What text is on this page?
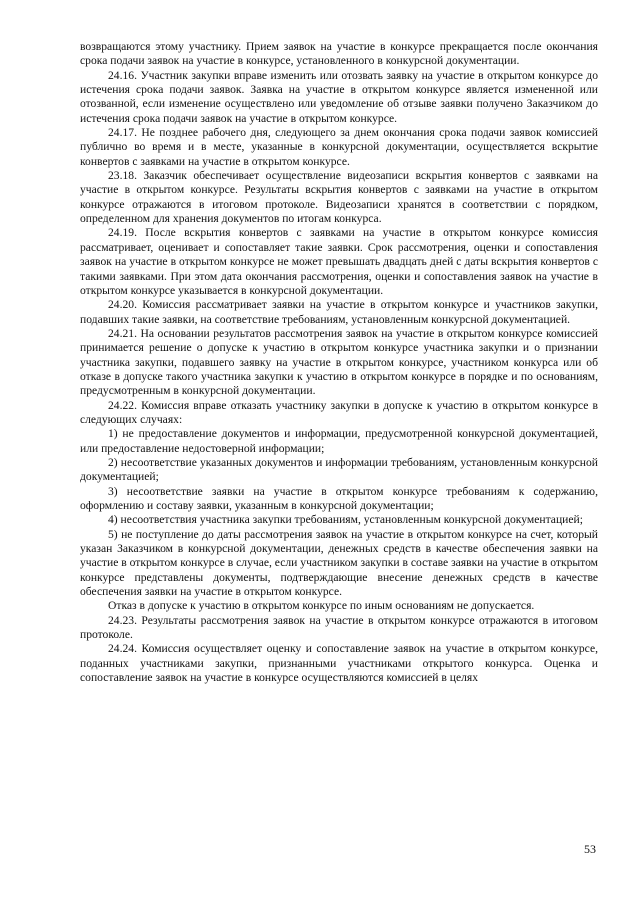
возвращаются этому участнику. Прием заявок на участие в конкурсе прекращается после окончания срока подачи заявок на участие в конкурсе, установленного в конкурсной документации.

24.16. Участник закупки вправе изменить или отозвать заявку на участие в открытом конкурсе до истечения срока подачи заявок. Заявка на участие в открытом конкурсе является измененной или отозванной, если изменение осуществлено или уведомление об отзыве заявки получено Заказчиком до истечения срока подачи заявок на участие в открытом конкурсе.

24.17. Не позднее рабочего дня, следующего за днем окончания срока подачи заявок комиссией публично во время и в месте, указанные в конкурсной документации, осуществляется вскрытие конвертов с заявками на участие в открытом конкурсе.

23.18. Заказчик обеспечивает осуществление видеозаписи вскрытия конвертов с заявками на участие в открытом конкурсе. Результаты вскрытия конвертов с заявками на участие в открытом конкурсе отражаются в итоговом протоколе. Видеозаписи хранятся в соответствии с порядком, определенном для хранения документов по итогам конкурса.

24.19. После вскрытия конвертов с заявками на участие в открытом конкурсе комиссия рассматривает, оценивает и сопоставляет такие заявки. Срок рассмотрения, оценки и сопоставления заявок на участие в открытом конкурсе не может превышать двадцать дней с даты вскрытия конвертов с такими заявками. При этом дата окончания рассмотрения, оценки и сопоставления заявок на участие в открытом конкурсе указывается в конкурсной документации.

24.20. Комиссия рассматривает заявки на участие в открытом конкурсе и участников закупки, подавших такие заявки, на соответствие требованиям, установленным конкурсной документацией.

24.21. На основании результатов рассмотрения заявок на участие в открытом конкурсе комиссией принимается решение о допуске к участию в открытом конкурсе участника закупки и о признании участника закупки, подавшего заявку на участие в открытом конкурсе, участником конкурса или об отказе в допуске такого участника закупки к участию в открытом конкурсе в порядке и по основаниям, предусмотренным в конкурсной документации.

24.22. Комиссия вправе отказать участнику закупки в допуске к участию в открытом конкурсе в следующих случаях:

1) не предоставление документов и информации, предусмотренной конкурсной документацией, или предоставление недостоверной информации;

2) несоответствие указанных документов и информации требованиям, установленным конкурсной документацией;

3) несоответствие заявки на участие в открытом конкурсе требованиям к содержанию, оформлению и составу заявки, указанным в конкурсной документации;

4) несоответствия участника закупки требованиям, установленным конкурсной документацией;

5) не поступление до даты рассмотрения заявок на участие в открытом конкурсе на счет, который указан Заказчиком в конкурсной документации, денежных средств в качестве обеспечения заявки на участие в открытом конкурсе в случае, если участником закупки в составе заявки на участие в открытом конкурсе представлены документы, подтверждающие внесение денежных средств в качестве обеспечения заявки на участие в открытом конкурсе.

Отказ в допуске к участию в открытом конкурсе по иным основаниям не допускается.

24.23. Результаты рассмотрения заявок на участие в открытом конкурсе отражаются в итоговом протоколе.

24.24. Комиссия осуществляет оценку и сопоставление заявок на участие в открытом конкурсе, поданных участниками закупки, признанными участниками открытого конкурса. Оценка и сопоставление заявок на участие в конкурсе осуществляются комиссией в целях

53
